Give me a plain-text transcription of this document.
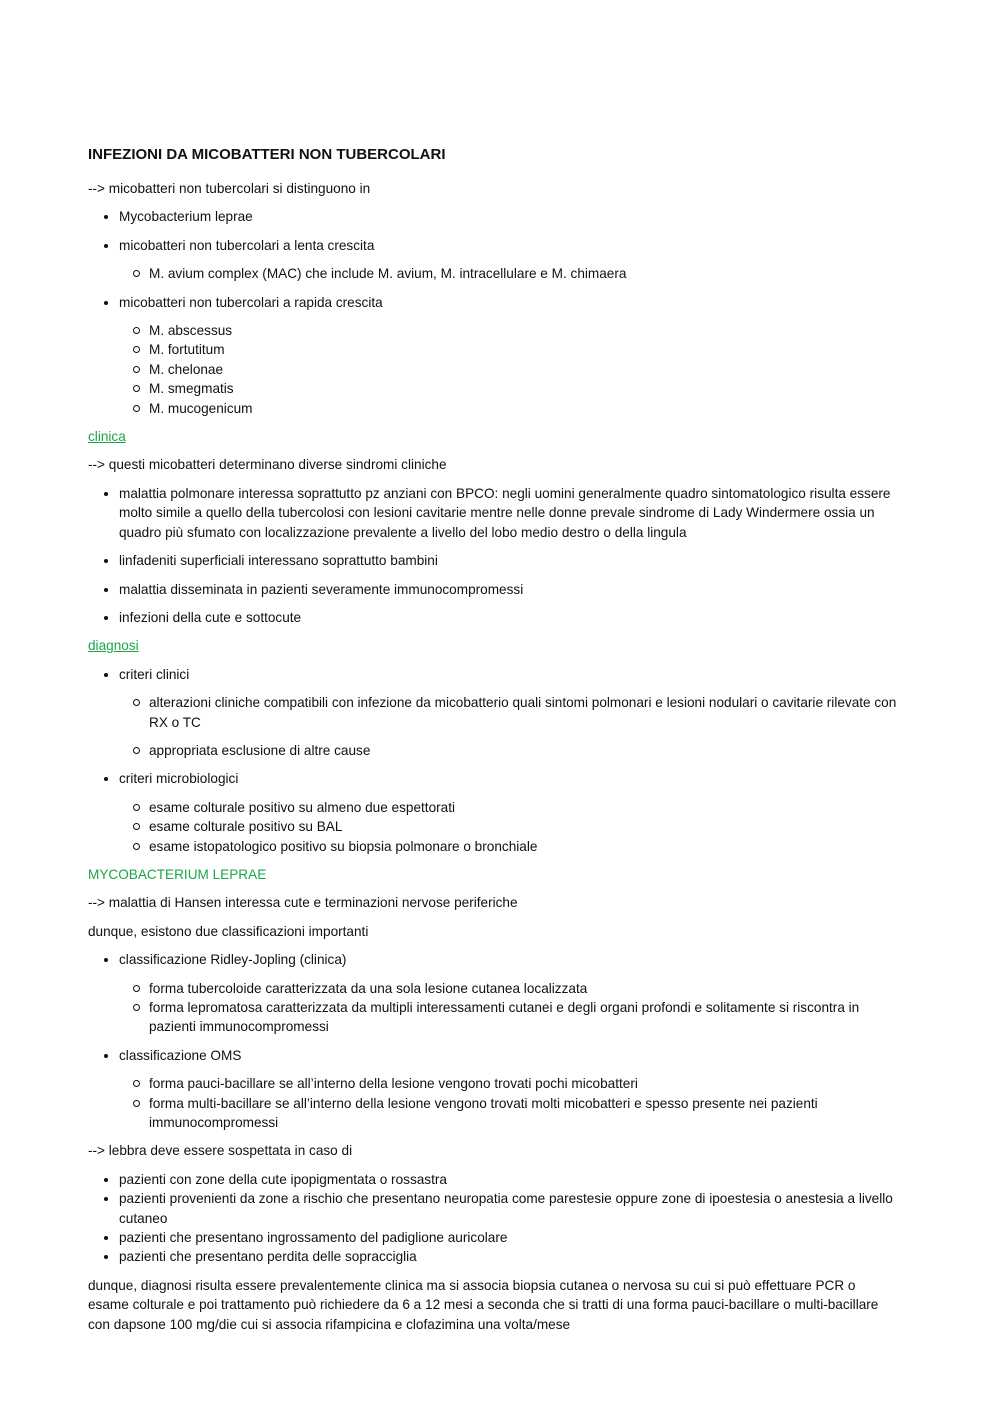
INFEZIONI DA MICOBATTERI NON TUBERCOLARI
--> micobatteri non tubercolari si distinguono in
Mycobacterium leprae
micobatteri non tubercolari a lenta crescita
M. avium complex (MAC) che include M. avium, M. intracellulare e M. chimaera
micobatteri non tubercolari a rapida crescita
M. abscessus
M. fortutitum
M. chelonae
M. smegmatis
M. mucogenicum
clinica
--> questi micobatteri determinano diverse sindromi cliniche
malattia polmonare interessa soprattutto pz anziani con BPCO: negli uomini generalmente quadro sintomatologico risulta essere molto simile a quello della tubercolosi con lesioni cavitarie mentre nelle donne prevale sindrome di Lady Windermere ossia un quadro più sfumato con localizzazione prevalente a livello del lobo medio destro o della lingula
linfadeniti superficiali interessano soprattutto bambini
malattia disseminata in pazienti severamente immunocompromessi
infezioni della cute e sottocute
diagnosi
criteri clinici
alterazioni cliniche compatibili con infezione da micobatterio quali sintomi polmonari e lesioni nodulari o cavitarie rilevate con RX o TC
appropriata esclusione di altre cause
criteri microbiologici
esame colturale positivo su almeno due espettorati
esame colturale positivo su BAL
esame istopatologico positivo su biopsia polmonare o bronchiale
MYCOBACTERIUM LEPRAE
--> malattia di Hansen interessa cute e terminazioni nervose periferiche
dunque, esistono due classificazioni importanti
classificazione Ridley-Jopling (clinica)
forma tubercoloide caratterizzata da una sola lesione cutanea localizzata
forma lepromatosa caratterizzata da multipli interessamenti cutanei e degli organi profondi e solitamente si riscontra in pazienti immunocompromessi
classificazione OMS
forma pauci-bacillare se all’interno della lesione vengono trovati pochi micobatteri
forma multi-bacillare se all’interno della lesione vengono trovati molti micobatteri e spesso presente nei pazienti immunocompromessi
--> lebbra deve essere sospettata in caso di
pazienti con zone della cute ipopigmentata o rossastra
pazienti provenienti da zone a rischio che presentano neuropatia come parestesie oppure zone di ipoestesia o anestesia a livello cutaneo
pazienti che presentano ingrossamento del padiglione auricolare
pazienti che presentano perdita delle sopracciglia
dunque, diagnosi risulta essere prevalentemente clinica ma si associa biopsia cutanea o nervosa su cui si può effettuare PCR o esame colturale e poi trattamento può richiedere da 6 a 12 mesi a seconda che si tratti di una forma pauci-bacillare o multi-bacillare con dapsone 100 mg/die cui si associa rifampicina e clofazimina una volta/mese
